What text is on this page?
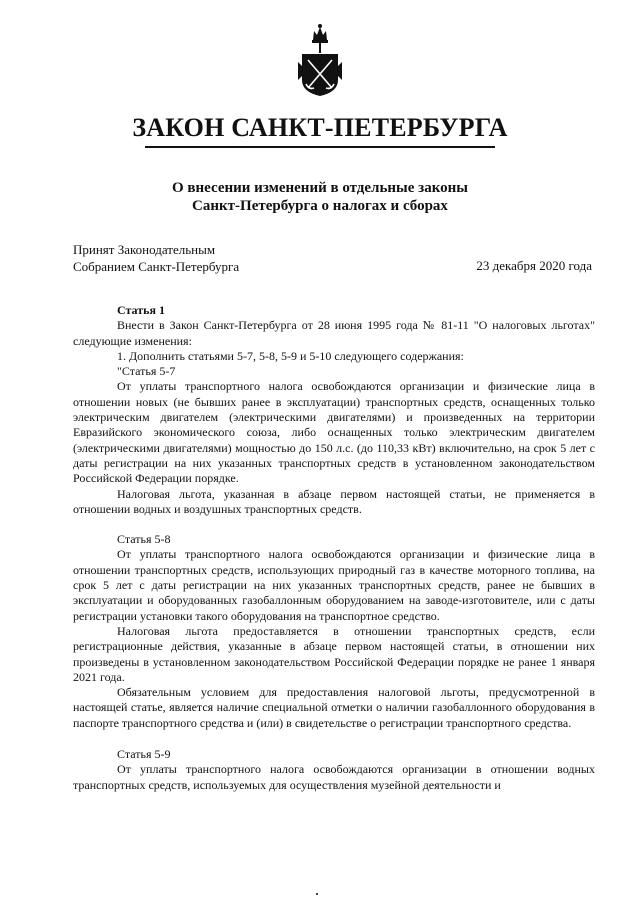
ЗАКОН САНКТ-ПЕТЕРБУРГА
О внесении изменений в отдельные законы
Санкт-Петербурга о налогах и сборах
Принят Законодательным
Собранием Санкт-Петербурга	23 декабря 2020 года

Статья 1

Внести в Закон Санкт-Петербурга от 28 июня 1995 года № 81-11 "О налоговых льготах" следующие изменения:

1. Дополнить статьями 5-7, 5-8, 5-9 и 5-10 следующего содержания:

"Статья 5-7

От уплаты транспортного налога освобождаются организации и физические лица в отношении новых (не бывших ранее в эксплуатации) транспортных средств, оснащенных только электрическим двигателем (электрическими двигателями) и произведенных на территории Евразийского экономического союза, либо оснащенных только электрическим двигателем (электрическими двигателями) мощностью до 150 л.с. (до 110,33 кВт) включительно, на срок 5 лет с даты регистрации на них указанных транспортных средств в установленном законодательством Российской Федерации порядке.

Налоговая льгота, указанная в абзаце первом настоящей статьи, не применяется в отношении водных и воздушных транспортных средств.

Статья 5-8

От уплаты транспортного налога освобождаются организации и физические лица в отношении транспортных средств, использующих природный газ в качестве моторного топлива, на срок 5 лет с даты регистрации на них указанных транспортных средств, ранее не бывших в эксплуатации и оборудованных газобаллонным оборудованием на заводе-изготовителе, или с даты регистрации установки такого оборудования на транспортное средство.

Налоговая льгота предоставляется в отношении транспортных средств, если регистрационные действия, указанные в абзаце первом настоящей статьи, в отношении них произведены в установленном законодательством Российской Федерации порядке не ранее 1 января 2021 года.

Обязательным условием для предоставления налоговой льготы, предусмотренной в настоящей статье, является наличие специальной отметки о наличии газобаллонного оборудования в паспорте транспортного средства и (или) в свидетельстве о регистрации транспортного средства.

Статья 5-9

От уплаты транспортного налога освобождаются организации в отношении водных транспортных средств, используемых для осуществления музейной деятельности и
